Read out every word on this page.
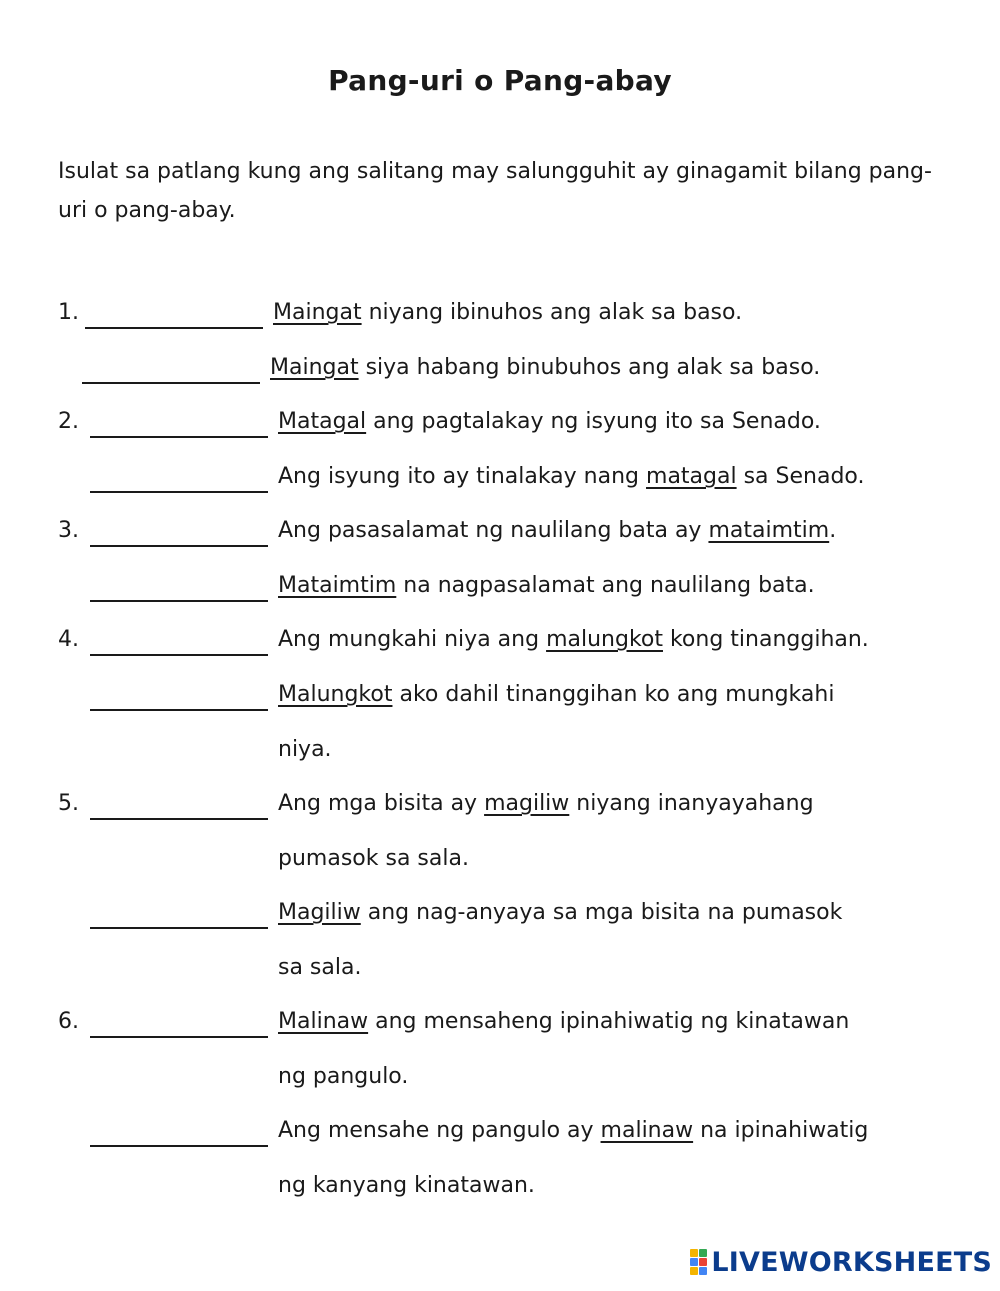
Pang-uri o Pang-abay
Isulat sa patlang kung ang salitang may salungguhit ay ginagamit bilang pang-uri o pang-abay.
1.	Maingat niyang ibinuhos ang alak sa baso.
Maingat siya habang binubuhos ang alak sa baso.
2.	Matagal ang pagtalakay ng isyung ito sa Senado.
Ang isyung ito ay tinalakay nang matagal sa Senado.
3.	Ang pasasalamat ng naulilang bata ay mataimtim.
Mataimtim na nagpasalamat ang naulilang bata.
4.	Ang mungkahi niya ang malungkot kong tinanggihan.
Malungkot ako dahil tinanggihan ko ang mungkahi
niya.
5.	Ang mga bisita ay magiliw niyang inanyayahang
pumasok sa sala.
Magiliw ang nag-anyaya sa mga bisita na pumasok
sa sala.
6.	Malinaw ang mensaheng ipinahiwatig ng kinatawan
ng pangulo.
Ang mensahe ng pangulo ay malinaw na ipinahiwatig
ng kanyang kinatawan.
LIVEWORKSHEETS
